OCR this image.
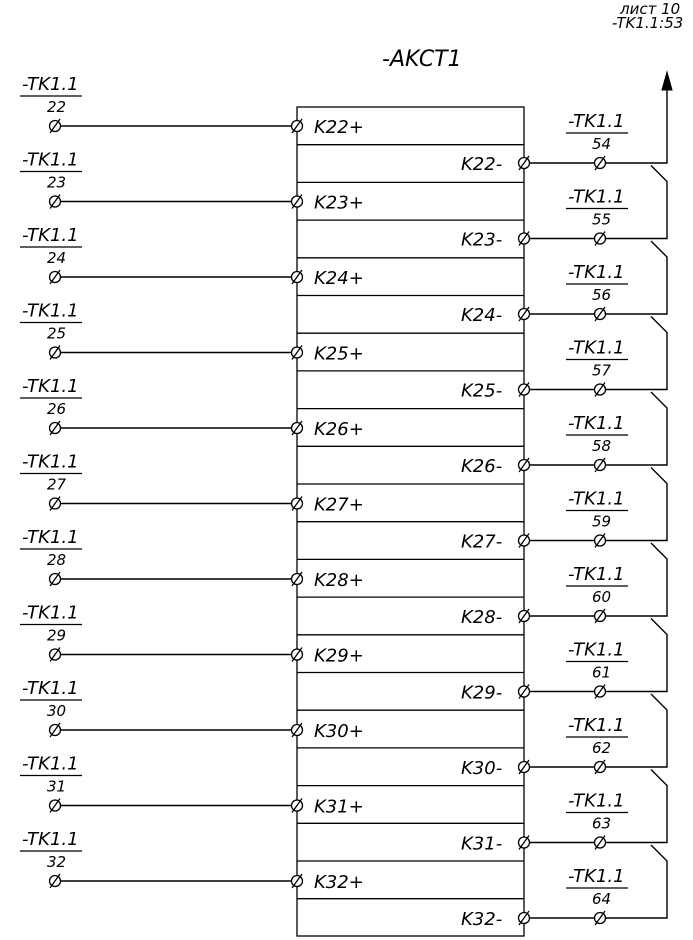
-TK1.1
22
K22+
-TK1.1
23
K23+
-TK1.1
24
K24+
-TK1.1
25
K25+
-TK1.1
26
K26+
-TK1.1
27
K27+
-TK1.1
28
K28+
-TK1.1
29
K29+
-TK1.1
30
K30+
-TK1.1
31
K31+
-TK1.1
32
K32+
K22-
-TK1.1
54
K23-
-TK1.1
55
K24-
-TK1.1
56
K25-
-TK1.1
57
K26-
-TK1.1
58
K27-
-TK1.1
59
K28-
-TK1.1
60
K29-
-TK1.1
61
K30-
-TK1.1
62
K31-
-TK1.1
63
K32-
-TK1.1
64
-AKCT1
лист 10
-TK1.1:53
